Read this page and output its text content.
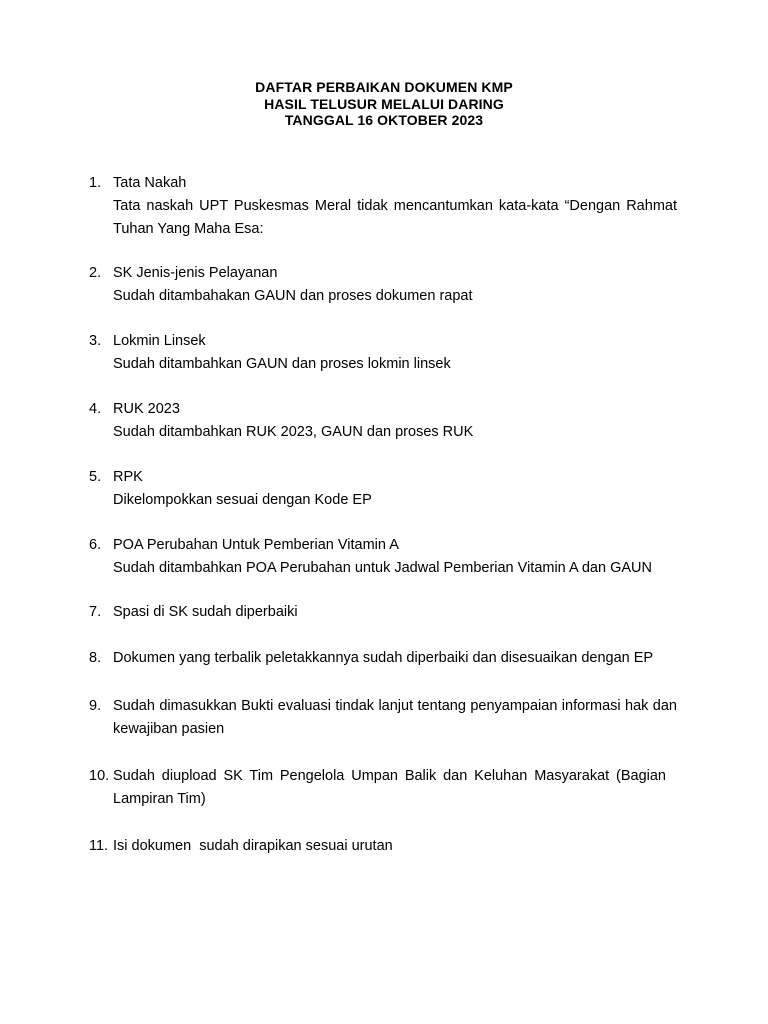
DAFTAR PERBAIKAN DOKUMEN KMP
HASIL TELUSUR MELALUI DARING
TANGGAL 16 OKTOBER 2023
1. Tata Nakah
Tata naskah UPT Puskesmas Meral tidak mencantumkan kata-kata “Dengan Rahmat Tuhan Yang Maha Esa:
2. SK Jenis-jenis Pelayanan
Sudah ditambahakan GAUN dan proses dokumen rapat
3. Lokmin Linsek
Sudah ditambahkan GAUN dan proses lokmin linsek
4. RUK 2023
Sudah ditambahkan RUK 2023, GAUN dan proses RUK
5. RPK
Dikelompokkan sesuai dengan Kode EP
6. POA Perubahan Untuk Pemberian Vitamin A
Sudah ditambahkan POA Perubahan untuk Jadwal Pemberian Vitamin A dan GAUN
7. Spasi di SK sudah diperbaiki
8. Dokumen yang terbalik peletakkannya sudah diperbaiki dan disesuaikan dengan EP
9. Sudah dimasukkan Bukti evaluasi tindak lanjut tentang penyampaian informasi hak dan kewajiban pasien
10. Sudah diupload SK Tim Pengelola Umpan Balik dan Keluhan Masyarakat (Bagian Lampiran Tim)
11. Isi dokumen  sudah dirapikan sesuai urutan
